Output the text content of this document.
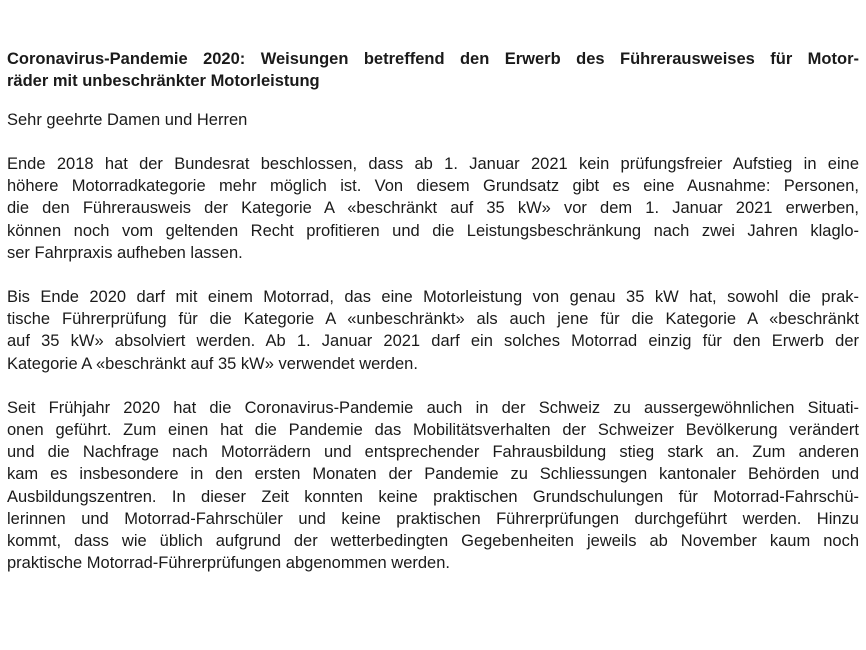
Coronavirus-Pandemie 2020: Weisungen betreffend den Erwerb des Führerausweises für Motor-
räder mit unbeschränkter Motorleistung
Sehr geehrte Damen und Herren
Ende 2018 hat der Bundesrat beschlossen, dass ab 1. Januar 2021 kein prüfungsfreier Aufstieg in eine
höhere Motorradkategorie mehr möglich ist. Von diesem Grundsatz gibt es eine Ausnahme: Personen,
die den Führerausweis der Kategorie A «beschränkt auf 35 kW» vor dem 1. Januar 2021 erwerben,
können noch vom geltenden Recht profitieren und die Leistungsbeschränkung nach zwei Jahren klaglo-
ser Fahrpraxis aufheben lassen.
Bis Ende 2020 darf mit einem Motorrad, das eine Motorleistung von genau 35 kW hat, sowohl die prak-
tische Führerprüfung für die Kategorie A «unbeschränkt» als auch jene für die Kategorie A «beschränkt
auf 35 kW» absolviert werden. Ab 1. Januar 2021 darf ein solches Motorrad einzig für den Erwerb der
Kategorie A «beschränkt auf 35 kW» verwendet werden.
Seit Frühjahr 2020 hat die Coronavirus-Pandemie auch in der Schweiz zu aussergewöhnlichen Situati-
onen geführt. Zum einen hat die Pandemie das Mobilitätsverhalten der Schweizer Bevölkerung verändert
und die Nachfrage nach Motorrädern und entsprechender Fahrausbildung stieg stark an. Zum anderen
kam es insbesondere in den ersten Monaten der Pandemie zu Schliessungen kantonaler Behörden und
Ausbildungszentren. In dieser Zeit konnten keine praktischen Grundschulungen für Motorrad-Fahrschü-
lerinnen und Motorrad-Fahrschüler und keine praktischen Führerprüfungen durchgeführt werden. Hinzu
kommt, dass wie üblich aufgrund der wetterbedingten Gegebenheiten jeweils ab November kaum noch
praktische Motorrad-Führerprüfungen abgenommen werden.
